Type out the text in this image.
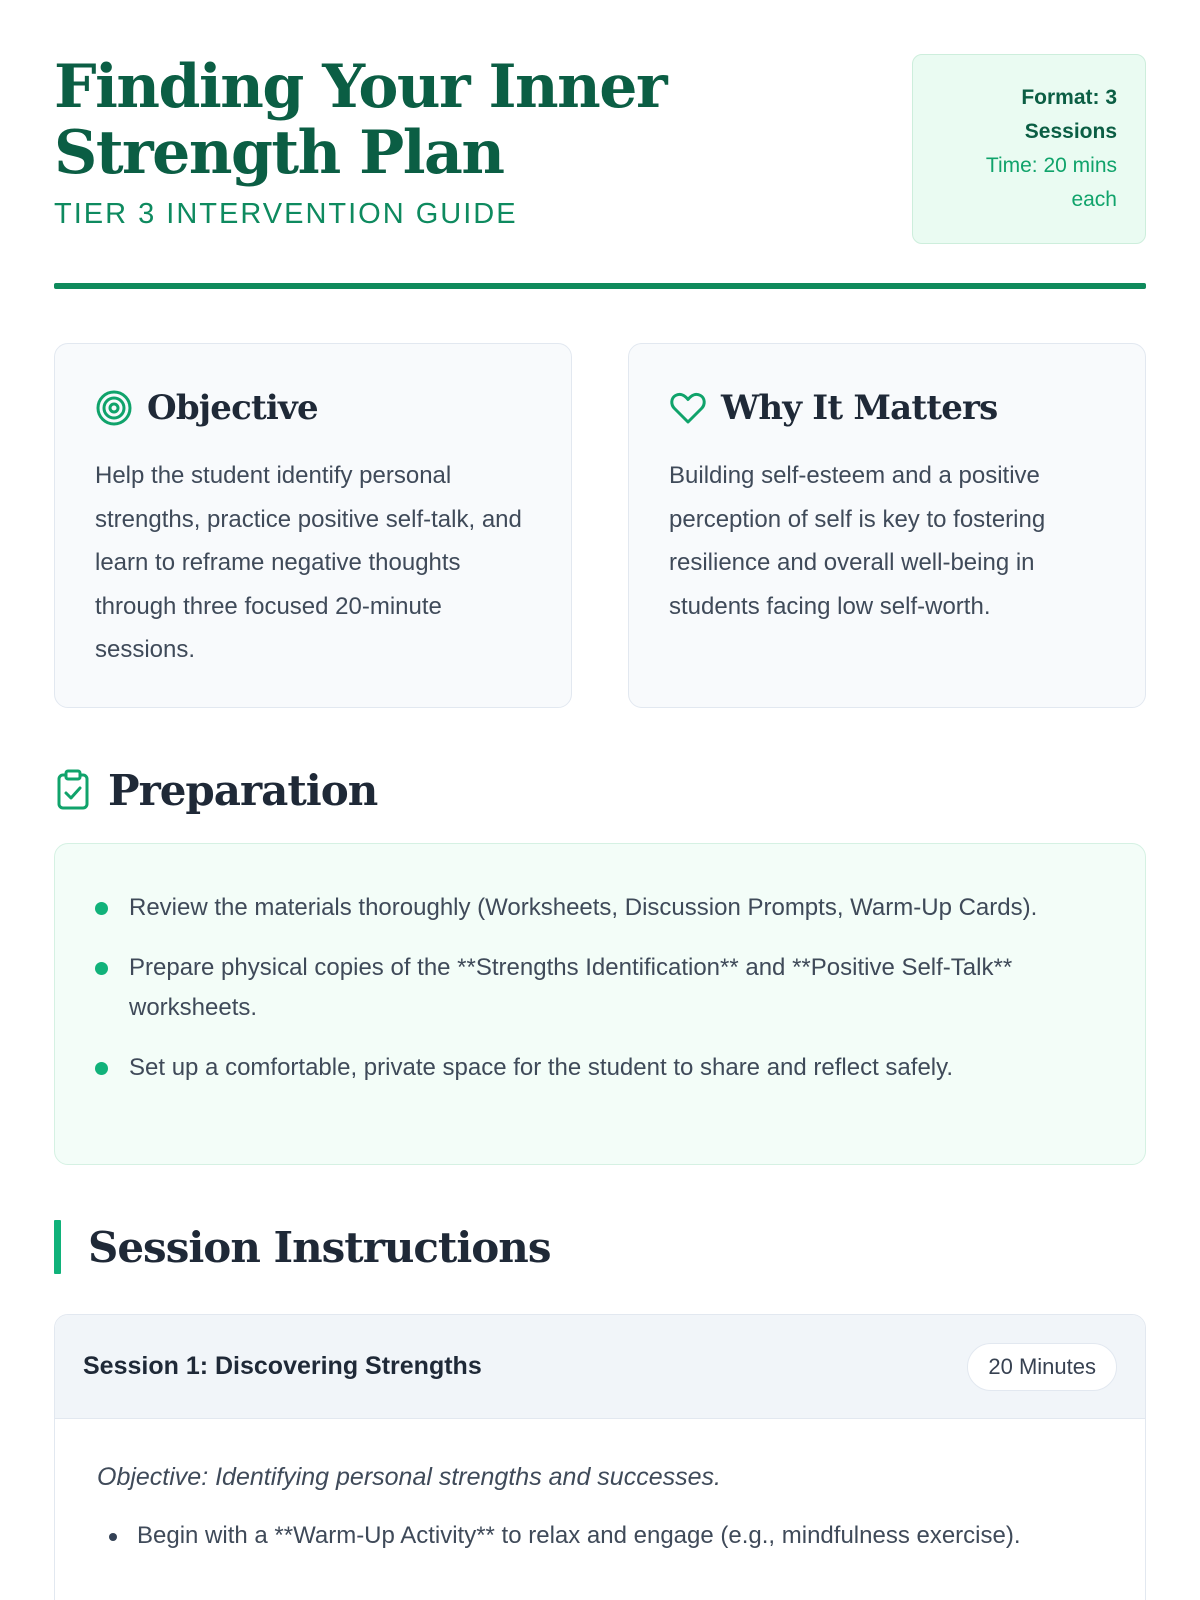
Finding Your Inner Strength Plan
TIER 3 INTERVENTION GUIDE
Format: 3 Sessions
Time: 20 mins each
Objective

Help the student identify personal strengths, practice positive self-talk, and learn to reframe negative thoughts through three focused 20-minute sessions.

Why It Matters

Building self-esteem and a positive perception of self is key to fostering resilience and overall well-being in students facing low self-worth.

Preparation
Review the materials thoroughly (Worksheets, Discussion Prompts, Warm-Up Cards).
Prepare physical copies of the **Strengths Identification** and **Positive Self-Talk** worksheets.
Set up a comfortable, private space for the student to share and reflect safely.
Session Instructions
Session 1: Discovering Strengths	20 Minutes

Objective: Identifying personal strengths and successes.

Begin with a **Warm-Up Activity** to relax and engage (e.g., mindfulness exercise).
